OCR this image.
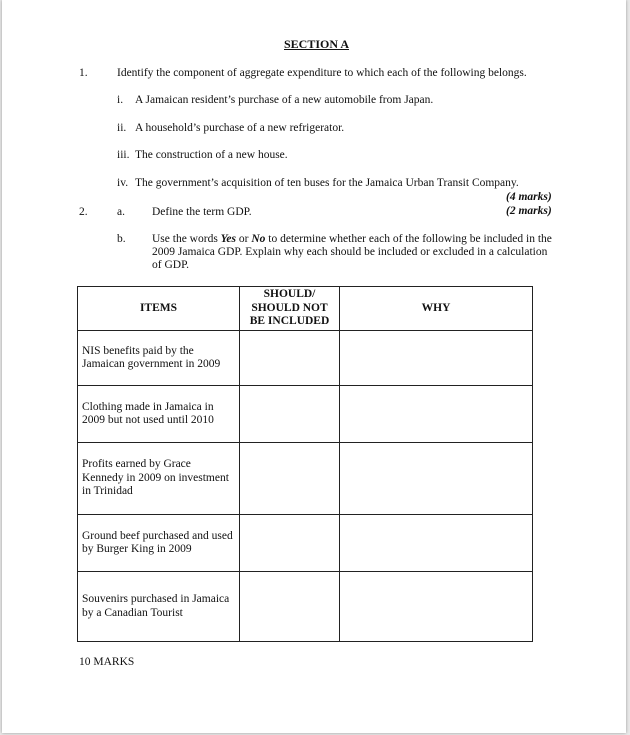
SECTION A
1.	Identify the component of aggregate expenditure to which each of the following belongs.
i. A Jamaican resident’s purchase of a new automobile from Japan.
ii. A household’s purchase of a new refrigerator.
iii. The construction of a new house.
iv. The government’s acquisition of ten buses for the Jamaica Urban Transit Company.
(4 marks)
2.	a. Define the term GDP.	(2 marks)
b. Use the words Yes or No to determine whether each of the following be included in the 2009 Jamaica GDP. Explain why each should be included or excluded in a calculation of GDP.
ITEMS	SHOULD/ SHOULD NOT BE INCLUDED	WHY
NIS benefits paid by the Jamaican government in 2009		
Clothing made in Jamaica in 2009 but not used until 2010		
Profits earned by Grace Kennedy in 2009 on investment in Trinidad		
Ground beef purchased and used by Burger King in 2009		
Souvenirs purchased in Jamaica by a Canadian Tourist		
10 MARKS
